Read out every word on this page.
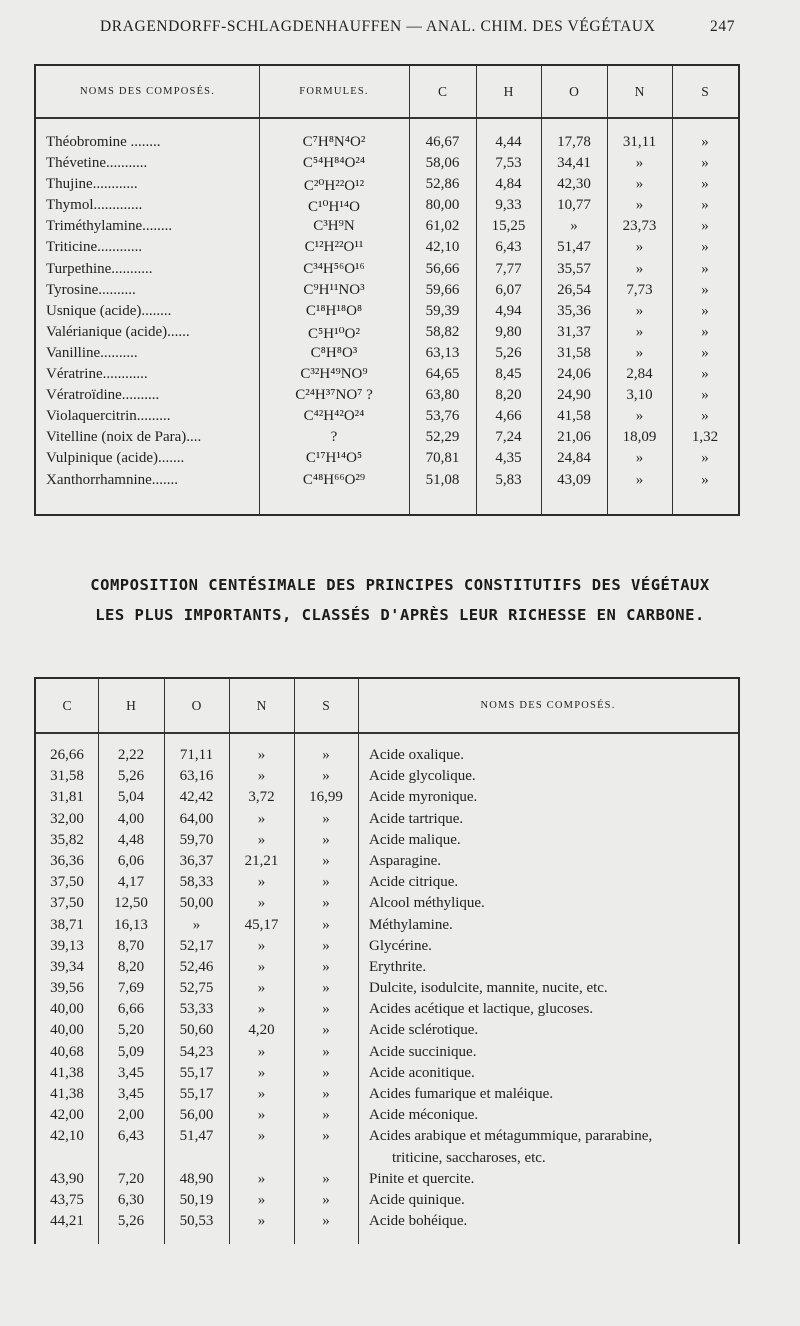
DRAGENDORFF-SCHLAGDENHAUFFEN — ANAL. CHIM. DES VÉGÉTAUX	247
NOMS DES COMPOSÉS.	FORMULES.	C	H	O	N	S
Théobromine ........	C⁷H⁸N⁴O²	46,67	4,44	17,78	31,11	»
Thévetine...........	C⁵⁴H⁸⁴O²⁴	58,06	7,53	34,41	»	»
Thujine............	C²⁰H²²O¹²	52,86	4,84	42,30	»	»
Thymol.............	C¹⁰H¹⁴O	80,00	9,33	10,77	»	»
Triméthylamine........	C³H⁹N	61,02	15,25	»	23,73	»
Triticine............	C¹²H²²O¹¹	42,10	6,43	51,47	»	»
Turpethine...........	C³⁴H⁵⁶O¹⁶	56,66	7,77	35,57	»	»
Tyrosine..........	C⁹H¹¹NO³	59,66	6,07	26,54	7,73	»
Usnique (acide)........	C¹⁸H¹⁸O⁸	59,39	4,94	35,36	»	»
Valérianique (acide)......	C⁵H¹⁰O²	58,82	9,80	31,37	»	»
Vanilline..........	C⁸H⁸O³	63,13	5,26	31,58	»	»
Vératrine............	C³²H⁴⁹NO⁹	64,65	8,45	24,06	2,84	»
Vératroïdine..........	C²⁴H³⁷NO⁷ ?	63,80	8,20	24,90	3,10	»
Violaquercitrin.........	C⁴²H⁴²O²⁴	53,76	4,66	41,58	»	»
Vitelline (noix de Para)....	?	52,29	7,24	21,06	18,09	1,32
Vulpinique (acide).......	C¹⁷H¹⁴O⁵	70,81	4,35	24,84	»	»
Xanthorrhamnine.......	C⁴⁸H⁶⁶O²⁹	51,08	5,83	43,09	»	»
COMPOSITION CENTÉSIMALE DES PRINCIPES CONSTITUTIFS DES VÉGÉTAUX
LES PLUS IMPORTANTS, CLASSÉS D'APRÈS LEUR RICHESSE EN CARBONE.
C	H	O	N	S	NOMS DES COMPOSÉS.
26,66	2,22	71,11	»	»	Acide oxalique.
31,58	5,26	63,16	»	»	Acide glycolique.
31,81	5,04	42,42	3,72	16,99	Acide myronique.
32,00	4,00	64,00	»	»	Acide tartrique.
35,82	4,48	59,70	»	»	Acide malique.
36,36	6,06	36,37	21,21	»	Asparagine.
37,50	4,17	58,33	»	»	Acide citrique.
37,50	12,50	50,00	»	»	Alcool méthylique.
38,71	16,13	»	45,17	»	Méthylamine.
39,13	8,70	52,17	»	»	Glycérine.
39,34	8,20	52,46	»	»	Erythrite.
39,56	7,69	52,75	»	»	Dulcite, isodulcite, mannite, nucite, etc.
40,00	6,66	53,33	»	»	Acides acétique et lactique, glucoses.
40,00	5,20	50,60	4,20	»	Acide sclérotique.
40,68	5,09	54,23	»	»	Acide succinique.
41,38	3,45	55,17	»	»	Acide aconitique.
41,38	3,45	55,17	»	»	Acides fumarique et maléique.
42,00	2,00	56,00	»	»	Acide méconique.
42,10	6,43	51,47	»	»	Acides arabique et métagummique, pararabine,
triticine, saccharoses, etc.
43,90	7,20	48,90	»	»	Pinite et quercite.
43,75	6,30	50,19	»	»	Acide quinique.
44,21	5,26	50,53	»	»	Acide bohéique.
